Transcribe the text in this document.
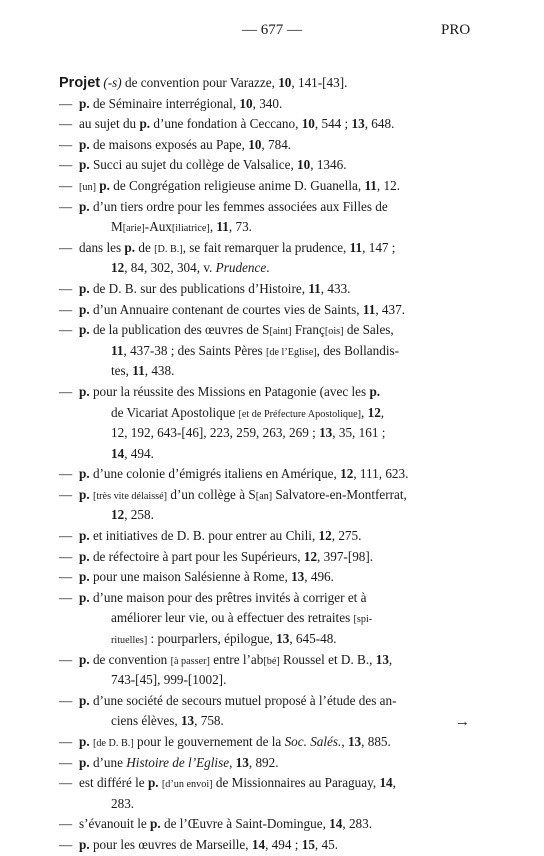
— 677 —	PRO
Projet (-s) de convention pour Varazze, 10, 141-[43].
— p. de Séminaire interrégional, 10, 340.
— au sujet du p. d’une fondation à Ceccano, 10, 544 ; 13, 648.
— p. de maisons exposés au Pape, 10, 784.
— p. Succi au sujet du collège de Valsalice, 10, 1346.
— [un] p. de Congrégation religieuse anime D. Guanella, 11, 12.
— p. d’un tiers ordre pour les femmes associées aux Filles de
M[arie]-Aux[iliatrice], 11, 73.
— dans les p. de [D. B.], se fait remarquer la prudence, 11, 147 ;
12, 84, 302, 304, v. Prudence.
— p. de D. B. sur des publications d’Histoire, 11, 433.
— p. d’un Annuaire contenant de courtes vies de Saints, 11, 437.
— p. de la publication des œuvres de S[aint] Franç[ois] de Sales,
11, 437-38 ; des Saints Pères [de l’Eglise], des Bollandis-
tes, 11, 438.
— p. pour la réussite des Missions en Patagonie (avec les p.
de Vicariat Apostolique [et de Préfecture Apostolique], 12,
12, 192, 643-[46], 223, 259, 263, 269 ; 13, 35, 161 ;
14, 494.
— p. d’une colonie d’émigrés italiens en Amérique, 12, 111, 623.
— p. [très vite délaissé] d’un collège à S[an] Salvatore-en-Montferrat,
12, 258.
— p. et initiatives de D. B. pour entrer au Chili, 12, 275.
— p. de réfectoire à part pour les Supérieurs, 12, 397-[98].
— p. pour une maison Salésienne à Rome, 13, 496.
— p. d’une maison pour des prêtres invités à corriger et à
améliorer leur vie, ou à effectuer des retraites [spi-
rituelles] : pourparlers, épilogue, 13, 645-48.
— p. de convention [à passer] entre l’ab[bé] Roussel et D. B., 13,
743-[45], 999-[1002].
— p. d’une société de secours mutuel proposé à l’étude des an-
ciens élèves, 13, 758.
— p. [de D. B.] pour le gouvernement de la Soc. Salés., 13, 885.
— p. d’une Histoire de l’Eglise, 13, 892.
— est différé le p. [d’un envoi] de Missionnaires au Paraguay, 14,
283.
— s’évanouit le p. de l’Œuvre à Saint-Domingue, 14, 283.
— p. pour les œuvres de Marseille, 14, 494 ; 15, 45.
→
